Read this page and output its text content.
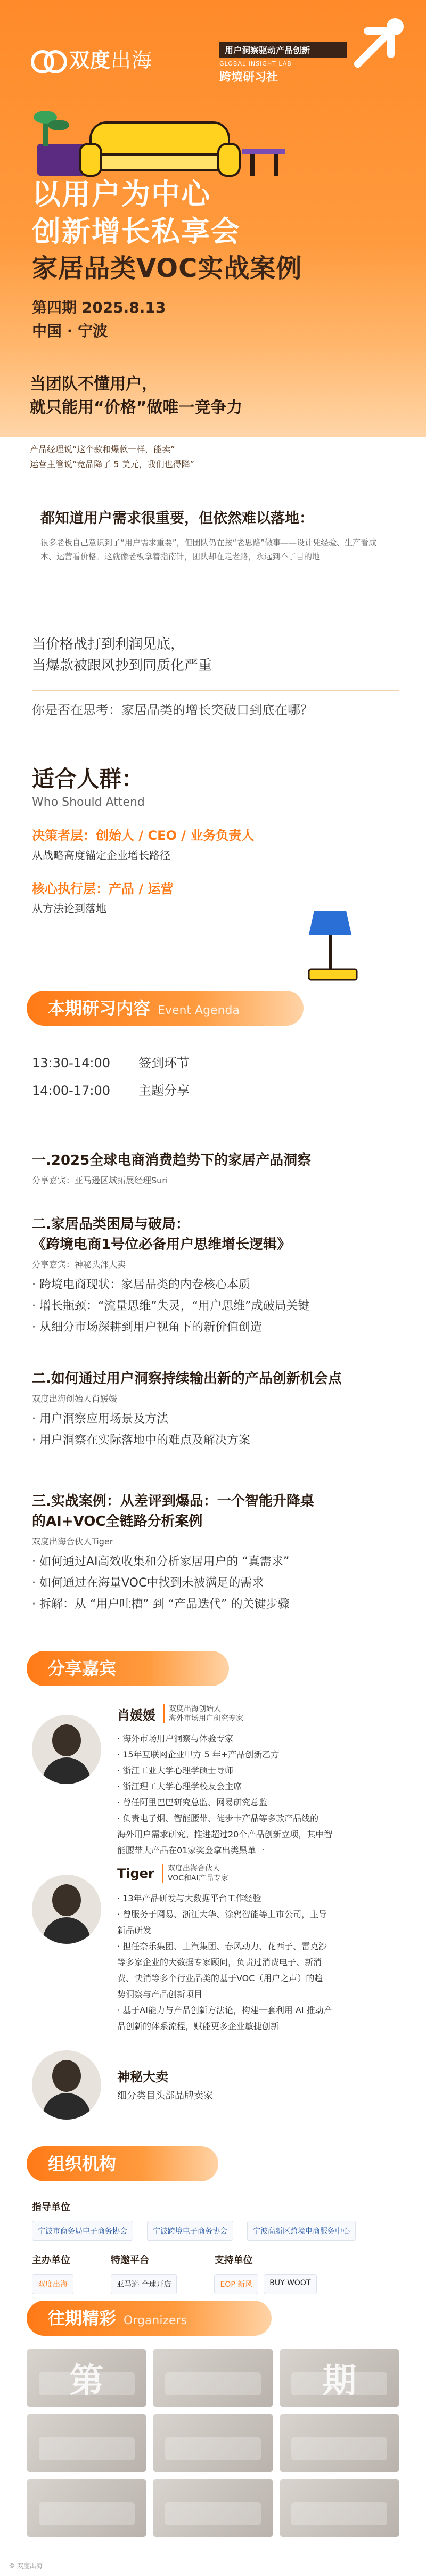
双度出海	用户洞察驱动产品创新
GLOBAL INSIGHT LAB
跨境研习社
以用户为中心
创新增长私享会
家居品类VOC实战案例
第四期 2025.8.13
中国 · 宁波
当团队不懂用户，
就只能用“价格”做唯一竞争力
产品经理说“这个款和爆款一样，能卖”
运营主管说“竞品降了 5 美元，我们也得降”
都知道用户需求很重要，但依然难以落地：
很多老板自己意识到了“用户需求重要”，但团队仍在按“老思路”做事——设计凭经验、生产看成本、运营看价格。这就像老板拿着指南针，团队却在走老路，永远到不了目的地
当价格战打到利润见底，
当爆款被跟风抄到同质化严重
你是否在思考：家居品类的增长突破口到底在哪？
适合人群：
Who Should Attend
决策者层：创始人 / CEO / 业务负责人
从战略高度锚定企业增长路径
核心执行层：产品 / 运营
从方法论到落地
本期研习内容 Event Agenda
13:30-14:00	签到环节
14:00-17:00	主题分享
一.2025全球电商消费趋势下的家居产品洞察
分享嘉宾：亚马逊区域拓展经理Suri
二.家居品类困局与破局：
《跨境电商1号位必备用户思维增长逻辑》
分享嘉宾：神秘头部大卖
· 跨境电商现状：家居品类的内卷核心本质
· 增长瓶颈：“流量思维”失灵，“用户思维”成破局关键
· 从细分市场深耕到用户视角下的新价值创造
二.如何通过用户洞察持续输出新的产品创新机会点
双度出海创始人肖媛媛
· 用户洞察应用场景及方法
· 用户洞察在实际落地中的难点及解决方案
三.实战案例：从差评到爆品：一个智能升降桌
的AI+VOC全链路分析案例
双度出海合伙人Tiger
· 如何通过AI高效收集和分析家居用户的 “真需求”
· 如何通过在海量VOC中找到未被满足的需求
· 拆解：从 “用户吐槽” 到 “产品迭代” 的关键步骤
分享嘉宾
肖媛媛	双度出海创始人
海外市场用户研究专家
· 海外市场用户洞察与体验专家
· 15年互联网企业甲方 5 年+产品创新乙方
· 浙江工业大学心理学硕士导师
· 浙江理工大学心理学校友会主席
· 曾任阿里巴巴研究总监、网易研究总监
· 负责电子烟、智能腰带、徒步卡产品等多款产品线的
海外用户需求研究。推进超过20个产品创新立项，其中智
能腰带大产品在01家奖金拿出类黑单一
Tiger	双度出海合伙人
VOC和AI产品专家
· 13年产品研发与大数据平台工作经验
· 曾服务于网易、浙江大华、涂鸦智能等上市公司，主导
新品研发
· 担任奈乐集团、上汽集团、春风动力、花西子、雷克沙
等多家企业的大数据专家顾问，负责过消费电子、新消
费、快消等多个行业品类的基于VOC（用户之声）的趋
势洞察与产品创新项目
· 基于AI能力与产品创新方法论，构建一套利用 AI 推动产
品创新的体系流程，赋能更多企业敏捷创新
神秘大卖
细分类目头部品牌卖家
组织机构
指导单位
宁波市商务局电子商务协会	宁波跨境电子商务协会	宁波高新区跨境电商服务中心
主办单位
双度出海
特邀平台
亚马逊 全球开店
支持单位
EOP 新风	BUY WOOT
往期精彩 Organizers
第	期
© 双度出海
